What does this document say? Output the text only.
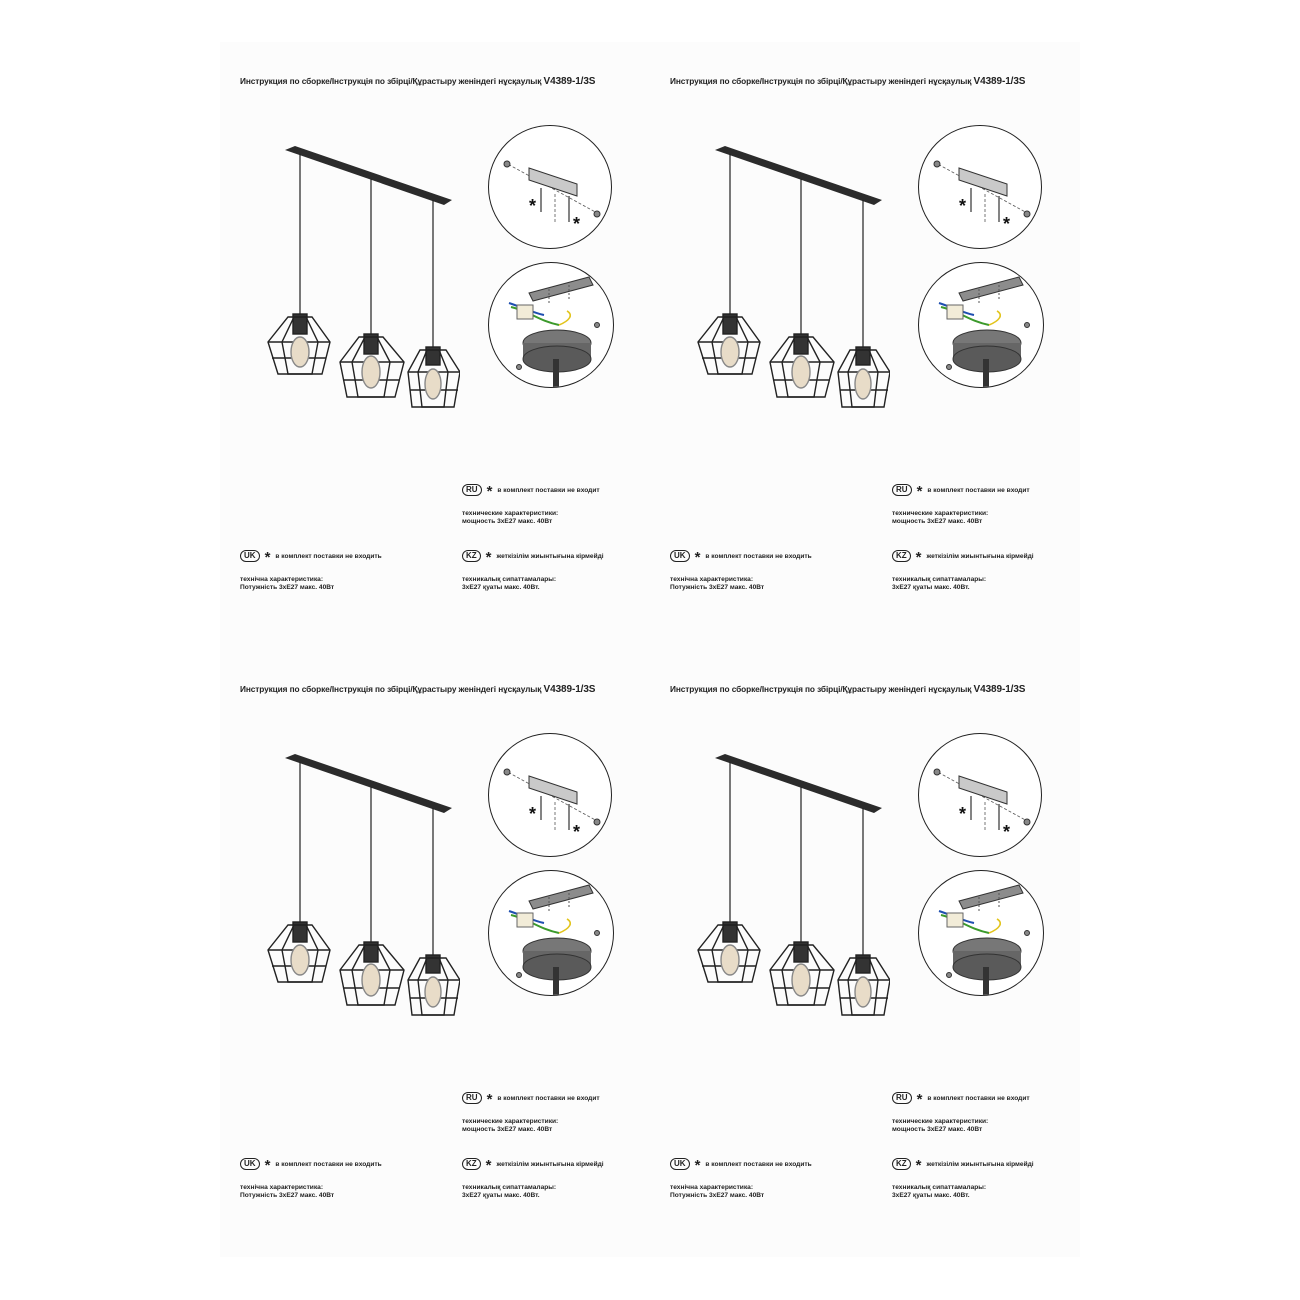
Инструкция по сборке/Інструкція по збірці/Құрастыру женіндегі нұсқаулық V4389-1/3S
*
*
RU * в комплект поставки не входит
технические характеристики:
мощность 3xE27 макс. 40Вт
KZ * жеткізілім жиынтығына кірмейді
техникалық сипаттамалары:
3xE27 қуаты макс. 40Вт.
UK * в комплект поставки не входить
технічна характеристика:
Потужність 3xE27 макс. 40Вт
Инструкция по сборке/Інструкція по збірці/Құрастыру женіндегі нұсқаулық V4389-1/3S
*
*
RU * в комплект поставки не входит
технические характеристики:
мощность 3xE27 макс. 40Вт
KZ * жеткізілім жиынтығына кірмейді
техникалық сипаттамалары:
3xE27 қуаты макс. 40Вт.
UK * в комплект поставки не входить
технічна характеристика:
Потужність 3xE27 макс. 40Вт
Инструкция по сборке/Інструкція по збірці/Құрастыру женіндегі нұсқаулық V4389-1/3S
*
*
RU * в комплект поставки не входит
технические характеристики:
мощность 3xE27 макс. 40Вт
KZ * жеткізілім жиынтығына кірмейді
техникалық сипаттамалары:
3xE27 қуаты макс. 40Вт.
UK * в комплект поставки не входить
технічна характеристика:
Потужність 3xE27 макс. 40Вт
Инструкция по сборке/Інструкція по збірці/Құрастыру женіндегі нұсқаулық V4389-1/3S
*
*
RU * в комплект поставки не входит
технические характеристики:
мощность 3xE27 макс. 40Вт
KZ * жеткізілім жиынтығына кірмейді
техникалық сипаттамалары:
3xE27 қуаты макс. 40Вт.
UK * в комплект поставки не входить
технічна характеристика:
Потужність 3xE27 макс. 40Вт
